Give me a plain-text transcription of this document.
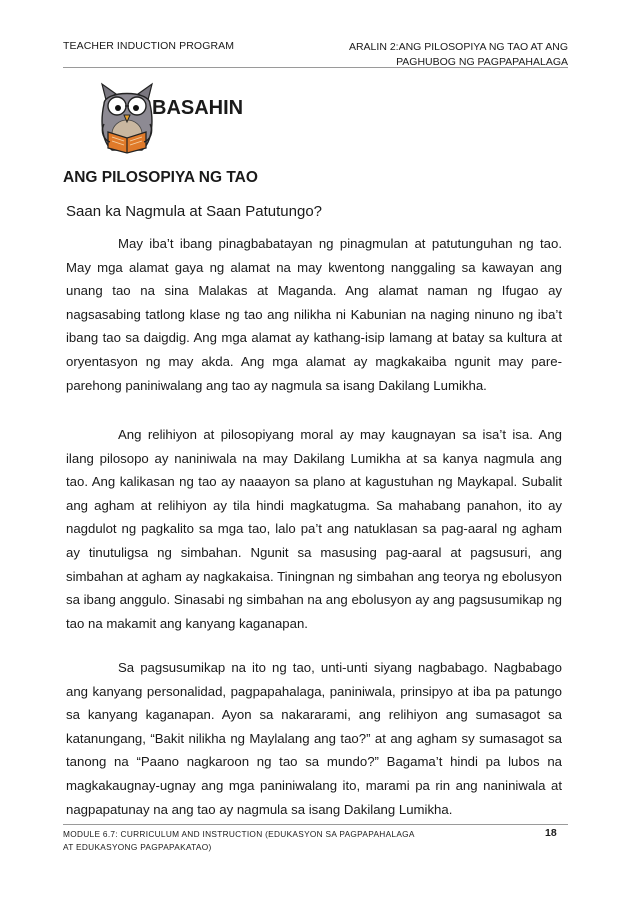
TEACHER INDUCTION PROGRAM	ARALIN 2:ANG PILOSOPIYA NG TAO AT ANG
PAGHUBOG NG PAGPAPAHALAGA
BASAHIN
ANG PILOSOPIYA NG TAO
Saan ka Nagmula at Saan Patutungo?

May iba’t ibang pinagbabatayan ng pinagmulan at patutunguhan ng tao. May mga alamat gaya ng alamat na may kwentong nanggaling sa kawayan ang unang tao na sina Malakas at Maganda. Ang alamat naman ng Ifugao ay nagsasabing tatlong klase ng tao ang nilikha ni Kabunian na naging ninuno ng iba’t ibang tao sa daigdig. Ang mga alamat ay kathang-isip lamang at batay sa kultura at oryentasyon ng may akda. Ang mga alamat ay magkakaiba ngunit may pare-parehong paniniwalang ang tao ay nagmula sa isang Dakilang Lumikha.

Ang relihiyon at pilosopiyang moral ay may kaugnayan sa isa’t isa. Ang ilang pilosopo ay naniniwala na may Dakilang Lumikha at sa kanya nagmula ang tao. Ang kalikasan ng tao ay naaayon sa plano at kagustuhan ng Maykapal. Subalit ang agham at relihiyon ay tila hindi magkatugma. Sa mahabang panahon, ito ay nagdulot ng pagkalito sa mga tao, lalo pa’t ang natuklasan sa pag-aaral ng agham ay tinutuligsa ng simbahan. Ngunit sa masusing pag-aaral at pagsusuri, ang simbahan at agham ay nagkakaisa. Tiningnan ng simbahan ang teorya ng ebolusyon sa ibang anggulo. Sinasabi ng simbahan na ang ebolusyon ay ang pagsusumikap ng tao na makamit ang kanyang kaganapan.

Sa pagsusumikap na ito ng tao, unti-unti siyang nagbabago. Nagbabago ang kanyang personalidad, pagpapahalaga, paniniwala, prinsipyo at iba pa patungo sa kanyang kaganapan. Ayon sa nakararami, ang relihiyon ang sumasagot sa katanungang, “Bakit nilikha ng Maylalang ang tao?” at ang agham sy sumasagot sa tanong na “Paano nagkaroon ng tao sa mundo?” Bagama’t hindi pa lubos na magkakaugnay-ugnay ang mga paniniwalang ito, marami pa rin ang naniniwala at nagpapatunay na ang tao ay nagmula sa isang Dakilang Lumikha.

MODULE 6.7: CURRICULUM AND INSTRUCTION (EDUKASYON SA PAGPAPAHALAGA
AT EDUKASYONG PAGPAPAKATAO)
18
